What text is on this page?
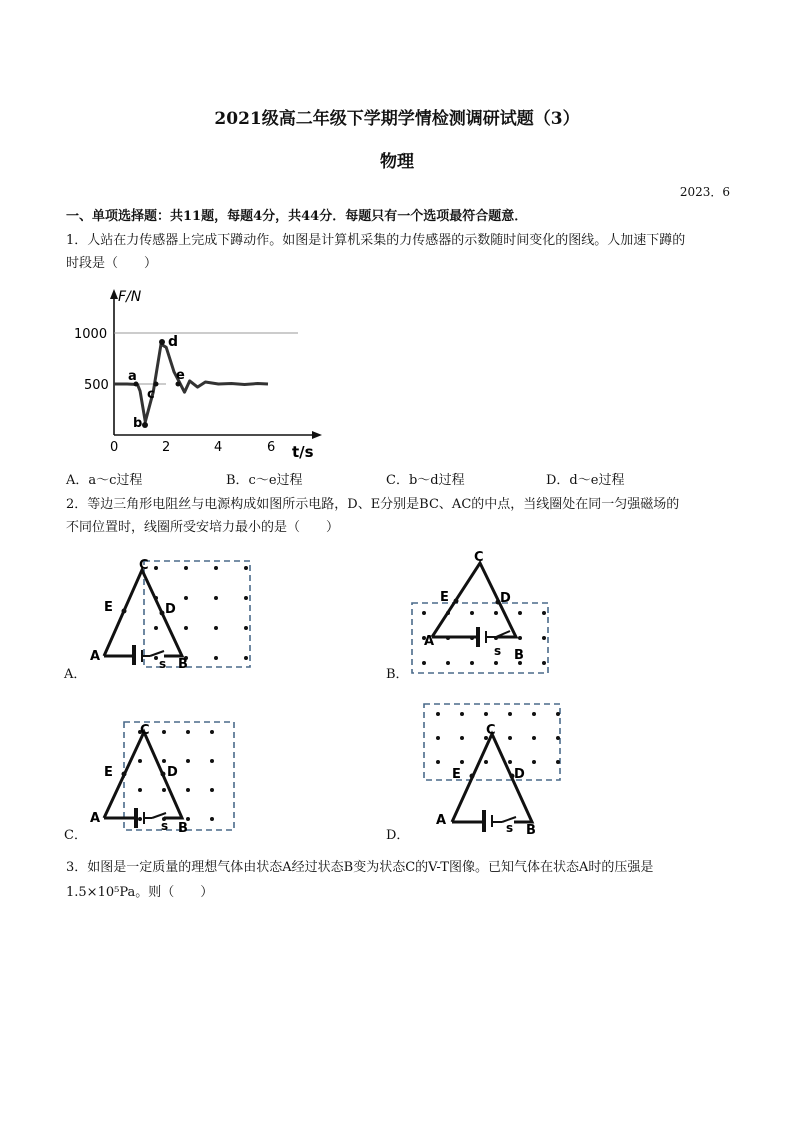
2021级高二年级下学期学情检测调研试题（3）
物理
2023．6
一、单项选择题：共11题，每题4分，共44分．每题只有一个选项最符合题意．
1．人站在力传感器上完成下蹲动作。如图是计算机采集的力传感器的示数随时间变化的图线。人加速下蹲的
时段是（　　）
F/N
t/s
1000
500
0	2	4	6
a
b
c
d
e
A．a～c过程	B．c～e过程	C．b～d过程	D．d～e过程
2．等边三角形电阻丝与电源构成如图所示电路，D、E分别是BC、AC的中点，当线圈处在同一匀强磁场的
不同位置时，线圈所受安培力最小的是（　　）
C
A
B
D
E
s
A．
C
A
B
D
E
s
B．
C
A
B
D
E
s
C．
C
A
B
D
E
s
D．
3．如图是一定质量的理想气体由状态A经过状态B变为状态C的V-T图像。已知气体在状态A时的压强是
1.5×10⁵Pa。则（　　）
